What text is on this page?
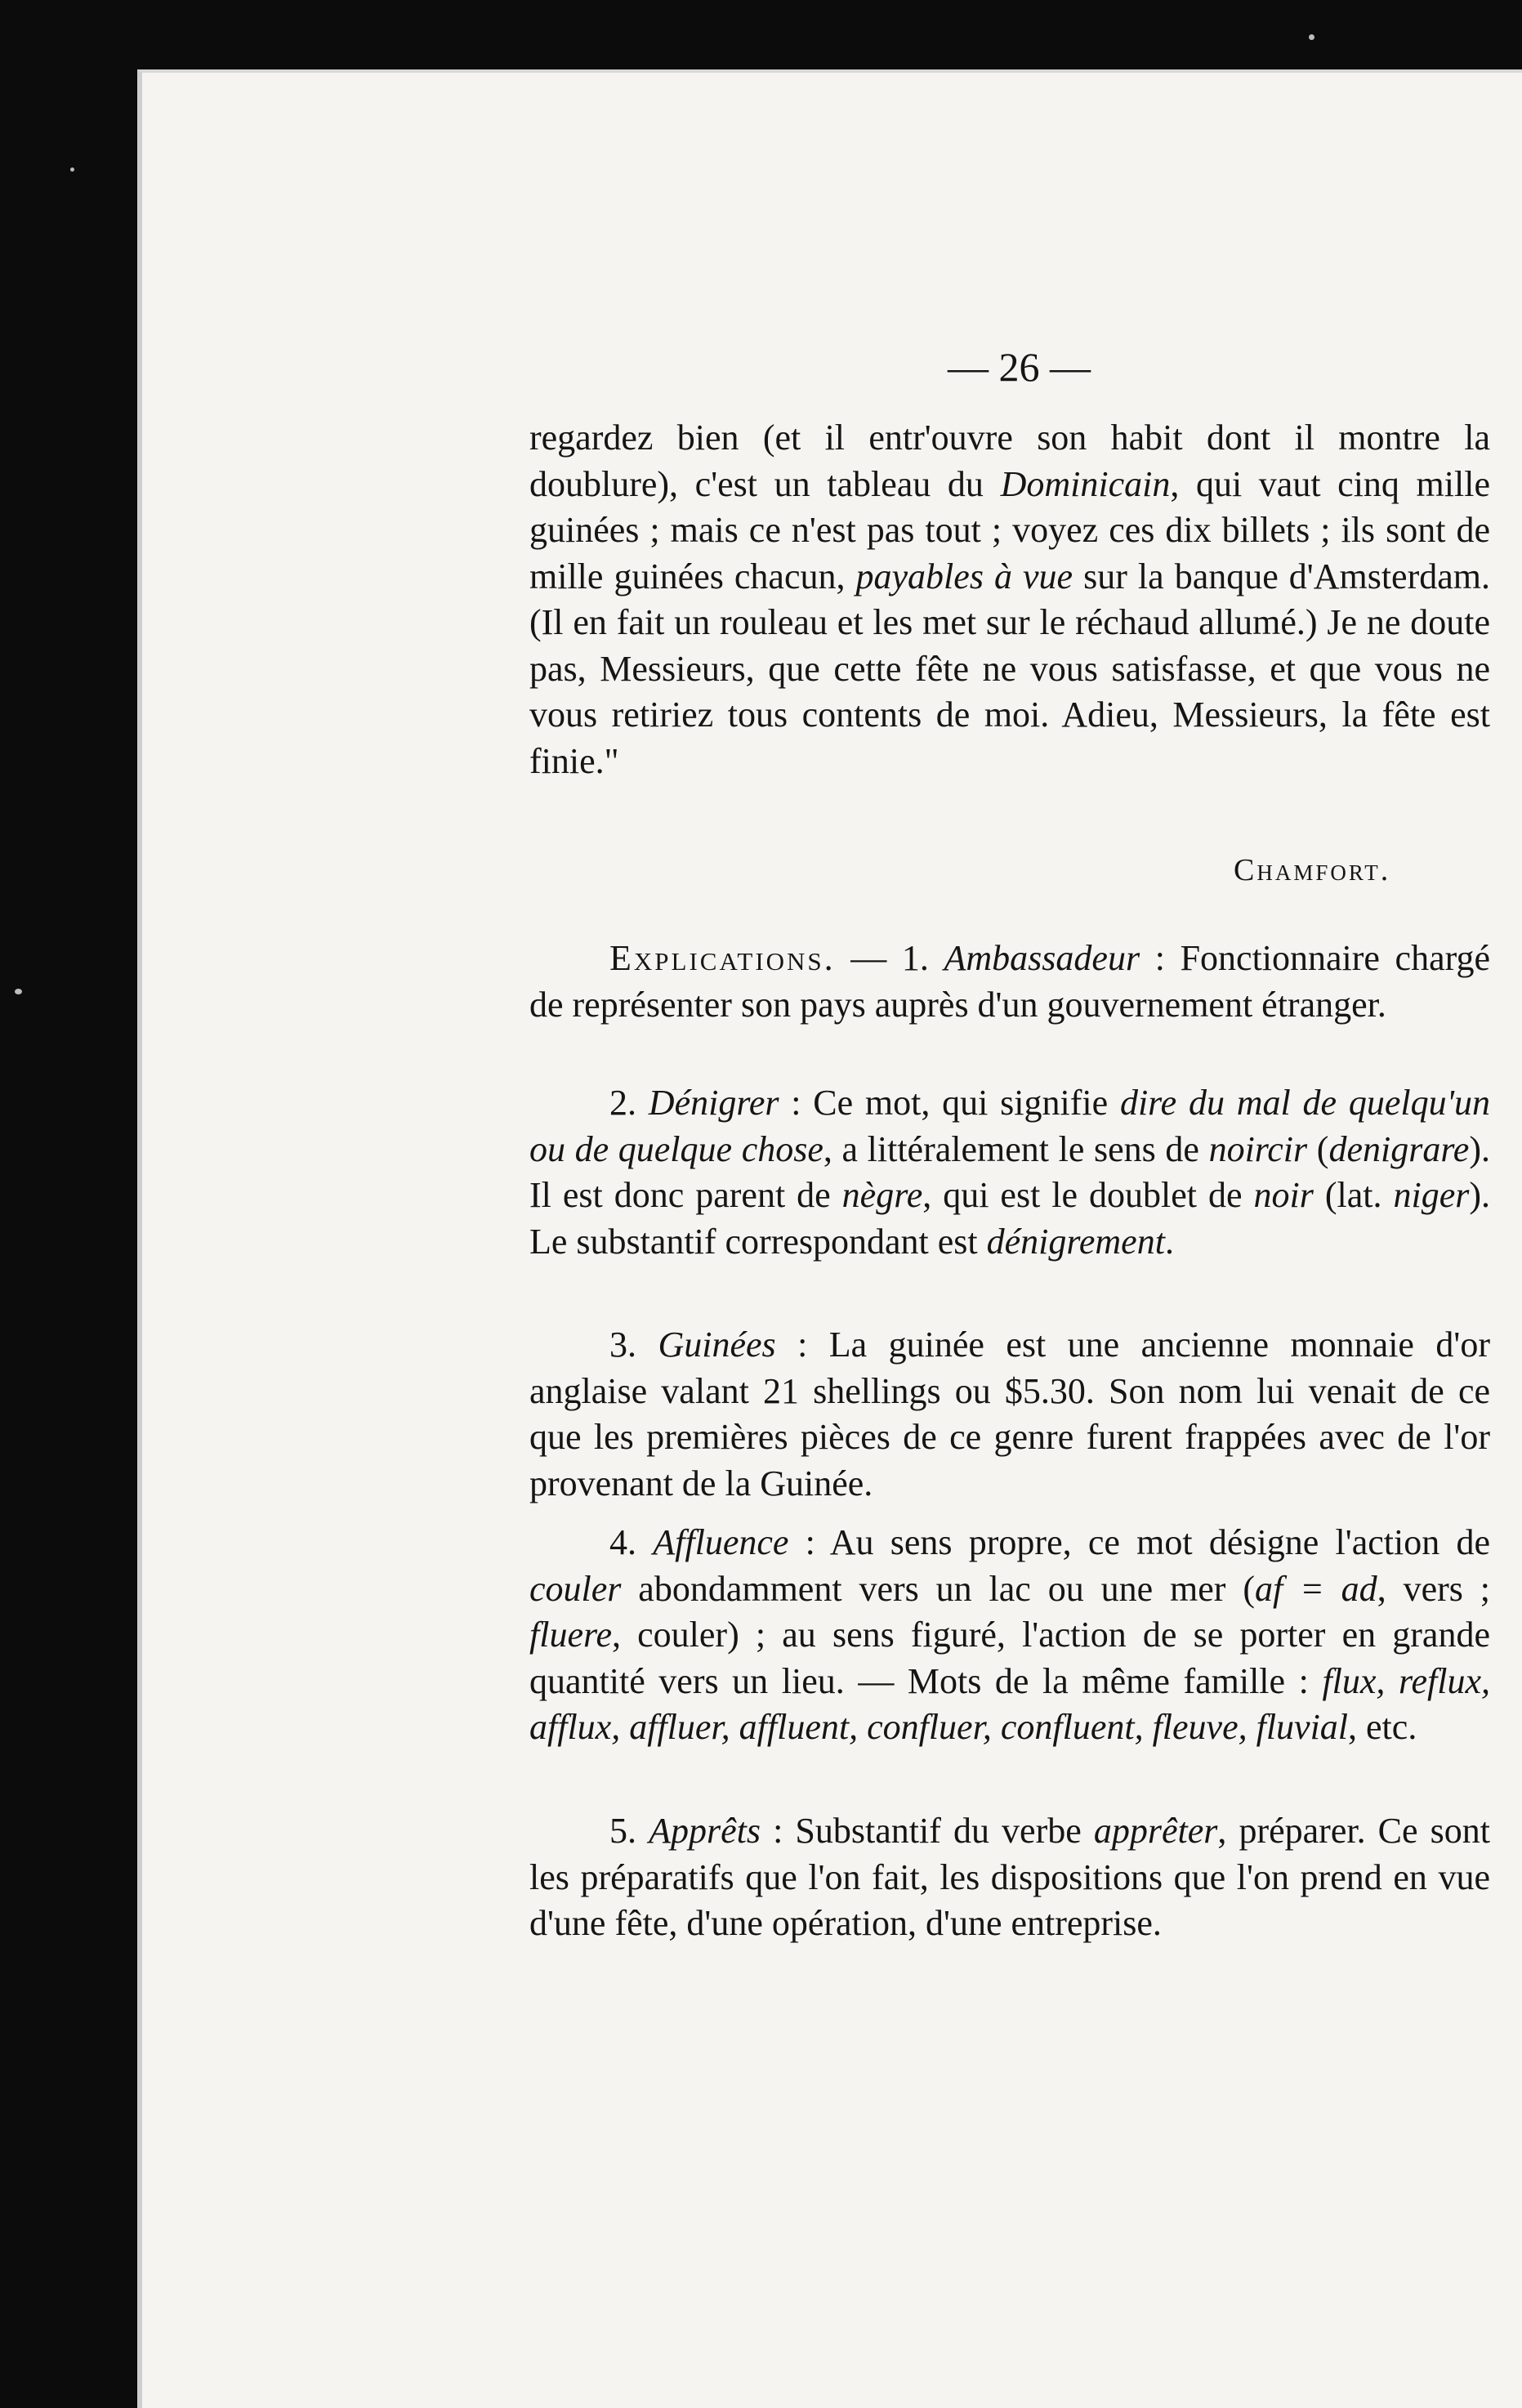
— 26 —
regardez bien (et il entr'ouvre son habit dont il montre la doublure), c'est un tableau du Dominicain, qui vaut cinq mille guinées ; mais ce n'est pas tout ; voyez ces dix billets ; ils sont de mille guinées chacun, payables à vue sur la banque d'Amsterdam. (Il en fait un rouleau et les met sur le réchaud allumé.) Je ne doute pas, Messieurs, que cette fête ne vous satisfasse, et que vous ne vous retiriez tous contents de moi. Adieu, Messieurs, la fête est finie."
Chamfort.
Explications. — 1. Ambassadeur : Fonctionnaire chargé de représenter son pays auprès d'un gouvernement étranger.
2. Dénigrer : Ce mot, qui signifie dire du mal de quelqu'un ou de quelque chose, a littéralement le sens de noircir (denigrare). Il est donc parent de nègre, qui est le doublet de noir (lat. niger). Le substantif correspondant est dénigrement.
3. Guinées : La guinée est une ancienne monnaie d'or anglaise valant 21 shellings ou $5.30. Son nom lui venait de ce que les premières pièces de ce genre furent frappées avec de l'or provenant de la Guinée.
4. Affluence : Au sens propre, ce mot désigne l'action de couler abondamment vers un lac ou une mer (af = ad, vers ; fluere, couler) ; au sens figuré, l'action de se porter en grande quantité vers un lieu. — Mots de la même famille : flux, reflux, afflux, affluer, affluent, confluer, confluent, fleuve, fluvial, etc.
5. Apprêts : Substantif du verbe apprêter, préparer. Ce sont les préparatifs que l'on fait, les dispositions que l'on prend en vue d'une fête, d'une opération, d'une entreprise.
